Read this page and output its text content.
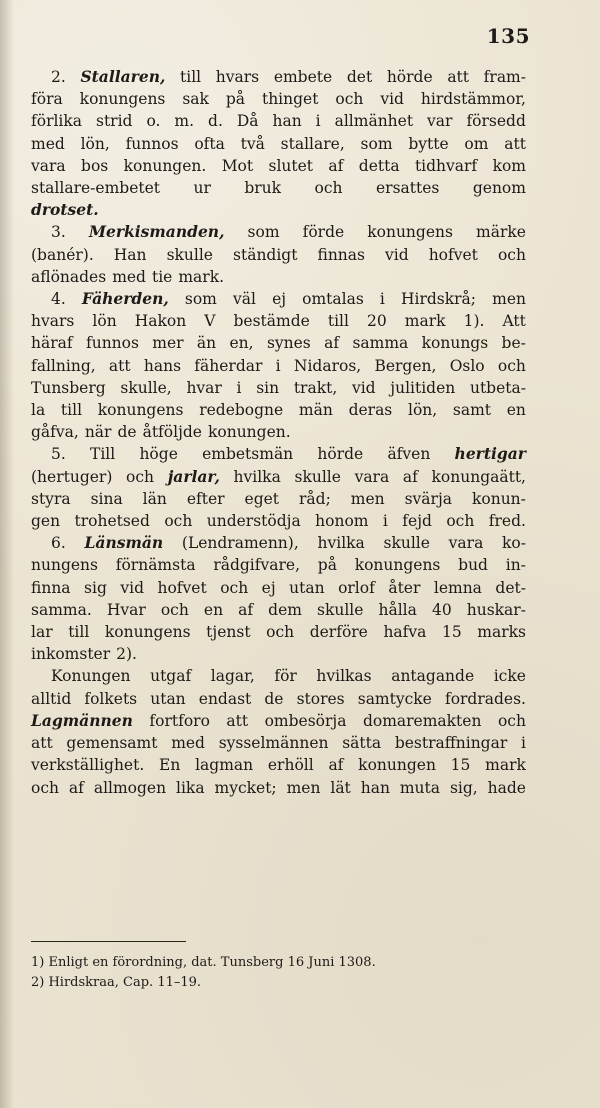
135
2. Stallaren, till hvars embete det hörde att fram-
föra konungens sak på thinget och vid hirdstämmor,
förlika strid o. m. d. Då han i allmänhet var försedd
med lön, funnos ofta två stallare, som bytte om att
vara bos konungen. Mot slutet af detta tidhvarf kom
stallare-embetet ur bruk och ersattes genom
drotset.
3. Merkismanden, som förde konungens märke
(banér). Han skulle ständigt finnas vid hofvet och
aflönades med tie mark.
4. Fäherden, som väl ej omtalas i Hirdskrå; men
hvars lön Hakon V bestämde till 20 mark 1). Att
häraf funnos mer än en, synes af samma konungs be-
fallning, att hans fäherdar i Nidaros, Bergen, Oslo och
Tunsberg skulle, hvar i sin trakt, vid julitiden utbeta-
la till konungens redebogne män deras lön, samt en
gåfva, när de åtföljde konungen.
5. Till höge embetsmän hörde äfven hertigar
(hertuger) och jarlar, hvilka skulle vara af konungaätt,
styra sina län efter eget råd; men svärja konun-
gen trohetsed och understödja honom i fejd och fred.
6. Länsmän (Lendramenn), hvilka skulle vara ko-
nungens förnämsta rådgifvare, på konungens bud in-
finna sig vid hofvet och ej utan orlof åter lemna det-
samma. Hvar och en af dem skulle hålla 40 huskar-
lar till konungens tjenst och derföre hafva 15 marks
inkomster 2).
Konungen utgaf lagar, för hvilkas antagande icke
alltid folkets utan endast de stores samtycke fordrades.
Lagmännen fortforo att ombesörja domaremakten och
att gemensamt med sysselmännen sätta bestraffningar i
verkställighet. En lagman erhöll af konungen 15 mark
och af allmogen lika mycket; men lät han muta sig, hade
1) Enligt en förordning, dat. Tunsberg 16 Juni 1308.
2) Hirdskraa, Cap. 11–19.
